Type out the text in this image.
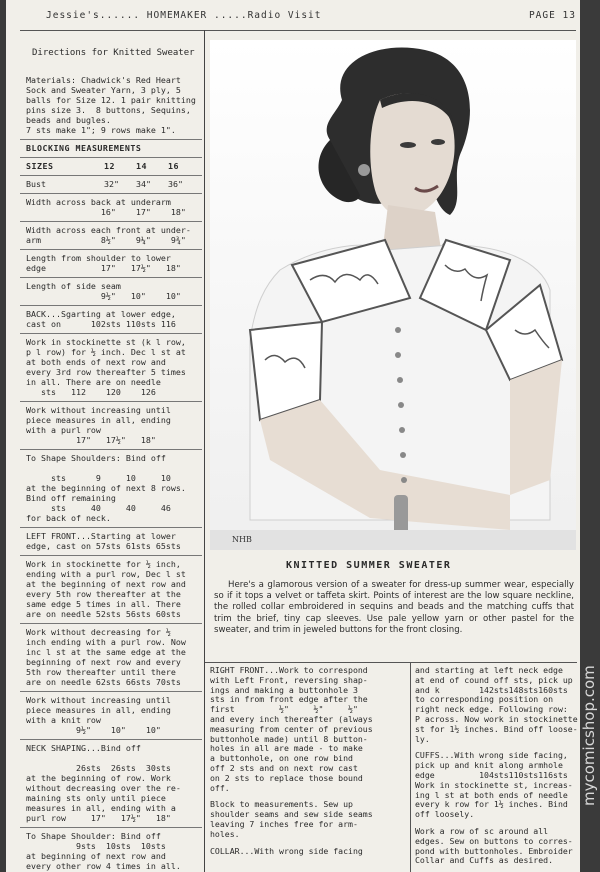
Jessie's...... HOMEMAKER .....Radio Visit	PAGE 13
Directions for Knitted Sweater
Materials: Chadwick's Red Heart
Sock and Sweater Yarn, 3 ply, 5
balls for Size 12. 1 pair knitting
pins size 3.  8 buttons, Sequins,
beads and bugles.
7 sts make 1"; 9 rows make 1".
BLOCKING MEASUREMENTS
SIZES	12	14	16
Bust	32"	34"	36"
Width across back at underarm
16"    17"    18"
Width across each front at under-
arm            8½"    9¼"    9¾"
Length from shoulder to lower
edge           17"   17½"   18"
Length of side seam
9½"   10"    10"
BACK...Sgarting at lower edge,
cast on      102sts 110sts 116
Work in stockinette st (k l row,
p l row) for ½ inch. Dec l st at
at both ends of next row and
every 3rd row thereafter 5 times
in all. There are on needle
sts   112    120    126
Work without increasing until
piece measures in all, ending
with a purl row
17"   17½"   18"
To Shape Shoulders: Bind off

sts      9     10     10
at the beginning of next 8 rows.
Bind off remaining
sts     40     40     46
for back of neck.
LEFT FRONT...Starting at lower
edge, cast on 57sts 61sts 65sts
Work in stockinette for ½ inch,
ending with a purl row, Dec l st
at the beginning of next row and
every 5th row thereafter at the
same edge 5 times in all. There
are on needle 52sts 56sts 60sts
Work without decreasing for ½
inch ending with a purl row. Now
inc l st at the same edge at the
beginning of next row and every
5th row thereafter until there
are on needle 62sts 66sts 70sts
Work without increasing until
piece measures in all, ending
with a knit row
9½"    10"    10"
NECK SHAPING...Bind off

26sts  26sts  30sts
at the beginning of row. Work
without decreasing over the re-
maining sts only until piece
measures in all, ending with a
purl row     17"   17½"   18"
To Shape Shoulder: Bind off
9sts  10sts  10sts
at beginning of next row and
every other row 4 times in all.
NHB
KNITTED SUMMER SWEATER
Here's a glamorous version of a sweater for dress-up summer wear, especially so if it tops a velvet or taffeta skirt. Points of interest are the low square neckline, the rolled collar embroidered in sequins and beads and the matching cuffs that trim the brief, tiny cap sleeves. Use pale yellow yarn or other pastel for the sweater, and trim in jeweled buttons for the front closing.

RIGHT FRONT...Work to correspond
with Left Front, reversing shap-
ings and making a buttonhole 3
sts in from front edge after the
first         ½"     ½"     ½"
and every inch thereafter (always
measuring from center of previous
buttonhole made) until 8 button-
holes in all are made - to make
a buttonhole, on one row bind
off 2 sts and on next row cast
on 2 sts to replace those bound
off.

Block to measurements. Sew up
shoulder seams and sew side seams
leaving 7 inches free for arm-
holes.

COLLAR...With wrong side facing

and starting at left neck edge
at end of cound off sts, pick up
and k        142sts148sts160sts
to corresponding position on
right neck edge. Following row:
P across. Now work in stockinette
st for 1½ inches. Bind off loose-
ly.

CUFFS...With wrong side facing,
pick up and knit along armhole
edge         104sts110sts116sts
Work in stockinette st, increas-
ing l st at both ends of needle
every k row for 1½ inches. Bind
off loosely.

Work a row of sc around all
edges. Sew on buttons to corres-
pond with buttonholes. Embroider
Collar and Cuffs as desired.

mycomicshop.com
